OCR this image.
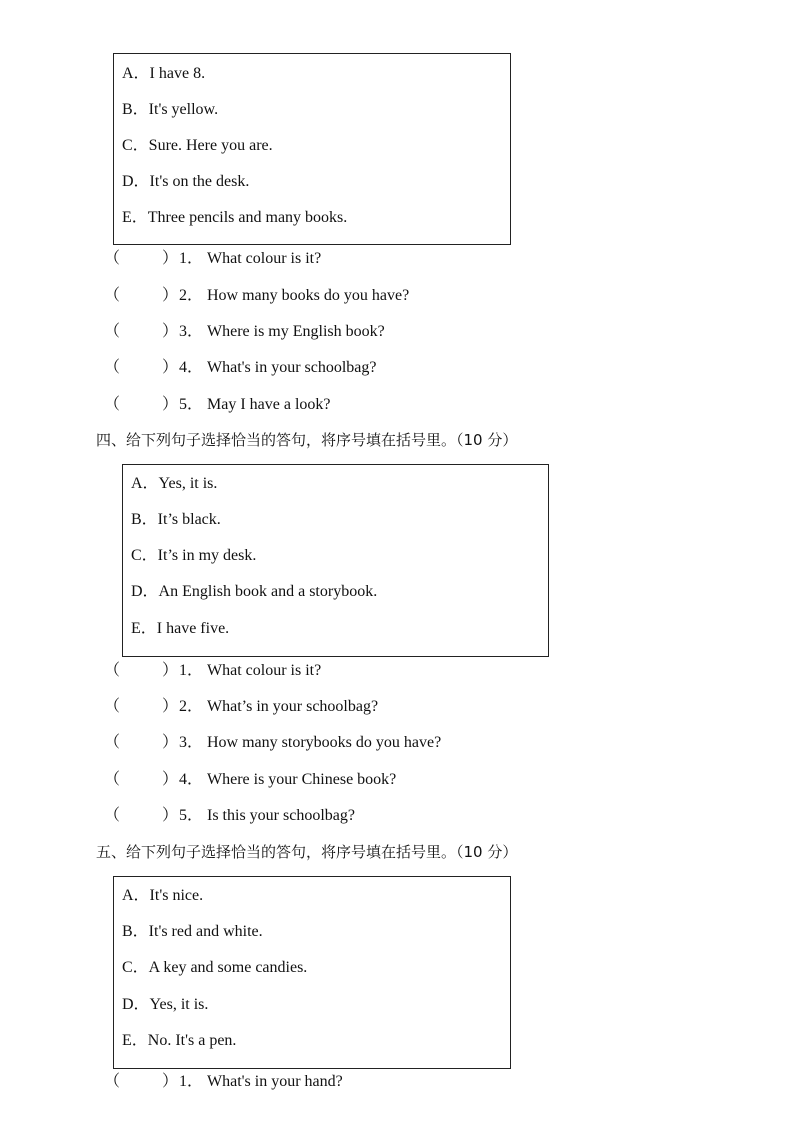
A．I have 8.
B．It's yellow.
C．Sure. Here you are.
D．It's on the desk.
E．Three pencils and many books.
（	） 1． What colour is it?
（	） 2． How many books do you have?
（	） 3． Where is my English book?
（	） 4． What's in your schoolbag?
（	） 5． May I have a look?
四、给下列句子选择恰当的答句，将序号填在括号里。（10 分）
A．Yes, it is.
B．It’s black.
C．It’s in my desk.
D．An English book and a storybook.
E．I have five.
（	） 1． What colour is it?
（	） 2． What’s in your schoolbag?
（	） 3． How many storybooks do you have?
（	） 4． Where is your Chinese book?
（	） 5． Is this your schoolbag?
五、给下列句子选择恰当的答句，将序号填在括号里。（10 分）
A．It's nice.
B．It's red and white.
C．A key and some candies.
D．Yes, it is.
E．No. It's a pen.
（	） 1． What's in your hand?
